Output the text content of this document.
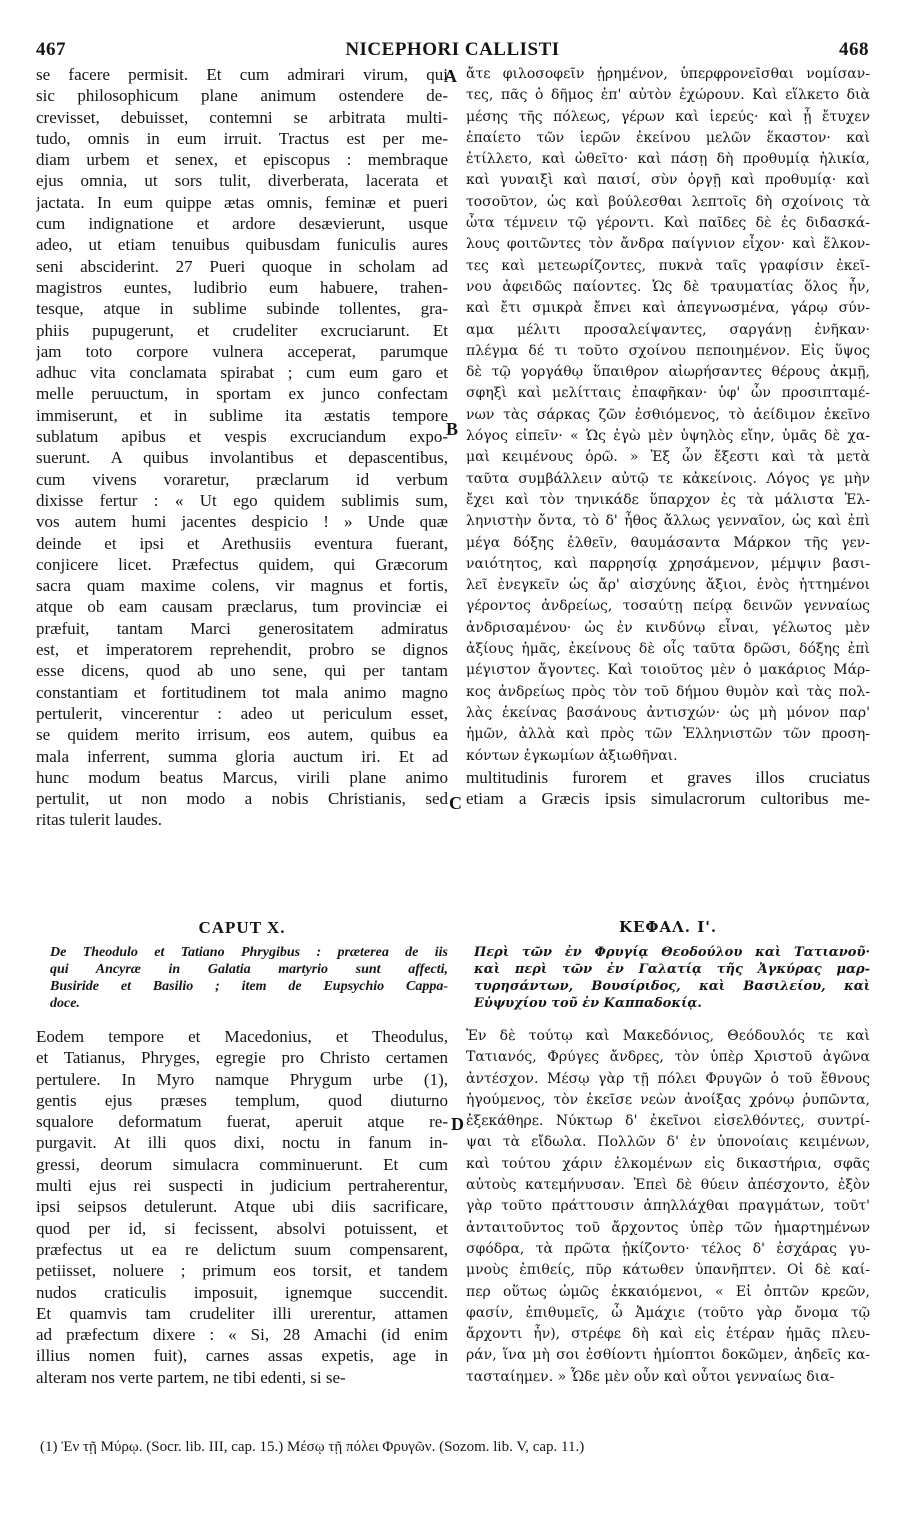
467	NICEPHORI CALLISTI	468
A
B
C
D
se facere permisit. Et cum admirari virum, qui
sic philosophicum plane animum ostendere de-
crevisset, debuisset, contemni se arbitrata multi-
tudo, omnis in eum irruit. Tractus est per me-
diam urbem et senex, et episcopus : membraque
ejus omnia, ut sors tulit, diverberata, lacerata et
jactata. In eum quippe ætas omnis, feminæ et pueri
cum indignatione et ardore desævierunt, usque
adeo, ut etiam tenuibus quibusdam funiculis aures
seni absciderint. 27 Pueri quoque in scholam ad
magistros euntes, ludibrio eum habuere, trahen-
tesque, atque in sublime subinde tollentes, gra-
phiis pupugerunt, et crudeliter excruciarunt. Et
jam toto corpore vulnera acceperat, parumque
adhuc vita conclamata spirabat ; cum eum garo et
melle peruuctum, in sportam ex junco confectam
immiserunt, et in sublime ita æstatis tempore
sublatum apibus et vespis excruciandum expo-
suerunt. A quibus involantibus et depascentibus,
cum vivens voraretur, præclarum id verbum
dixisse fertur : « Ut ego quidem sublimis sum,
vos autem humi jacentes despicio ! » Unde quæ
deinde et ipsi et Arethusiis eventura fuerant,
conjicere licet. Præfectus quidem, qui Græcorum
sacra quam maxime colens, vir magnus et fortis,
atque ob eam causam præclarus, tum provinciæ ei
præfuit, tantam Marci generositatem admiratus
est, et imperatorem reprehendit, probro se dignos
esse dicens, quod ab uno sene, qui per tantam
constantiam et fortitudinem tot mala animo magno
pertulerit, vincerentur : adeo ut periculum esset,
se quidem merito irrisum, eos autem, quibus ea
mala inferrent, summa gloria auctum iri. Et ad
hunc modum beatus Marcus, virili plane animo
pertulit, ut non modo a nobis Christianis, sed
ritas tulerit laudes.
ἄτε φιλοσοφεῖν ᾑρημένον, ὑπερφρονεῖσθαι νομίσαν-
τες, πᾶς ὁ δῆμος ἐπ' αὐτὸν ἐχώρουν. Καὶ εἵλκετο διὰ
μέσης τῆς πόλεως, γέρων καὶ ἱερεύς· καὶ ᾗ ἔτυχεν
ἐπαίετο τῶν ἱερῶν ἐκείνου μελῶν ἕκαστον· καὶ
ἐτίλλετο, καὶ ὠθεῖτο· καὶ πάσῃ δὴ προθυμίᾳ ἡλικία,
καὶ γυναιξὶ καὶ παισί, σὺν ὀργῇ καὶ προθυμίᾳ· καὶ
τοσοῦτον, ὡς καὶ βούλεσθαι λεπτοῖς δὴ σχοίνοις τὰ
ὦτα τέμνειν τῷ γέροντι. Καὶ παῖδες δὲ ἐς διδασκά-
λους φοιτῶντες τὸν ἄνδρα παίγνιον εἶχον· καὶ ἕλκον-
τες καὶ μετεωρίζοντες, πυκνὰ ταῖς γραφίσιν ἐκεῖ-
νου ἀφειδῶς παίοντες. Ὡς δὲ τραυματίας ὅλος ἦν,
καὶ ἔτι σμικρὰ ἔπνει καὶ ἀπεγνωσμένα, γάρῳ σύν-
αμα μέλιτι προσαλείψαντες, σαργάνῃ ἐνῆκαν·
πλέγμα δέ τι τοῦτο σχοίνου πεποιημένον. Εἰς ὕψος
δὲ τῷ γοργάθῳ ὕπαιθρον αἰωρήσαντες θέρους ἀκμῇ,
σφηξὶ καὶ μελίτταις ἐπαφῆκαν· ὑφ' ὧν προσιπταμέ-
νων τὰς σάρκας ζῶν ἐσθιόμενος, τὸ ἀείδιμον ἐκεῖνο
λόγος εἰπεῖν· « Ὡς ἐγὼ μὲν ὑψηλὸς εἴην, ὑμᾶς δὲ χα-
μαὶ κειμένους ὁρῶ. » Ἐξ ὧν ἔξεστι καὶ τὰ μετὰ
ταῦτα συμβάλλειν αὐτῷ τε κἀκείνοις. Λόγος γε μὴν
ἔχει καὶ τὸν τηνικάδε ὕπαρχον ἐς τὰ μάλιστα Ἑλ-
ληνιστὴν ὄντα, τὸ δ' ἦθος ἄλλως γενναῖον, ὡς καὶ ἐπὶ
μέγα δόξης ἐλθεῖν, θαυμάσαντα Μάρκον τῆς γεν-
ναιότητος, καὶ παρρησίᾳ χρησάμενον, μέμψιν βασι-
λεῖ ἐνεγκεῖν ὡς ἄρ' αἰσχύνης ἄξιοι, ἑνὸς ἡττημένοι
γέροντος ἀνδρείως, τοσαύτῃ πείρᾳ δεινῶν γενναίως
ἀνδρισαμένου· ὡς ἐν κινδύνῳ εἶναι, γέλωτος μὲν
ἀξίους ἡμᾶς, ἐκείνους δὲ οἷς ταῦτα δρῶσι, δόξης ἐπὶ
μέγιστον ἄγοντες. Καὶ τοιοῦτος μὲν ὁ μακάριος Μάρ-
κος ἀνδρείως πρὸς τὸν τοῦ δήμου θυμὸν καὶ τὰς πολ-
λὰς ἐκείνας βασάνους ἀντισχών· ὡς μὴ μόνον παρ'
ἡμῶν, ἀλλὰ καὶ πρὸς τῶν Ἑλληνιστῶν τῶν προση-
κόντων ἐγκωμίων ἀξιωθῆναι.
multitudinis furorem et graves illos cruciatus
etiam a Græcis ipsis simulacrorum cultoribus me-
CAPUT X.	ΚΕΦΑΛ. Ι'.
De Theodulo et Tatiano Phrygibus : præterea de iis
qui Ancyræ in Galatia martyrio sunt affecti,
Busiride et Basilio ; item de Eupsychio Cappa-
doce.
Περὶ τῶν ἐν Φρυγίᾳ Θεοδούλου καὶ Τατιανοῦ·
καὶ περὶ τῶν ἐν Γαλατίᾳ τῆς Ἀγκύρας μαρ-
τυρησάντων, Βουσίριδος, καὶ Βασιλείου, καὶ
Εὐψυχίου τοῦ ἐν Καππαδοκίᾳ.
Eodem tempore et Macedonius, et Theodulus,
et Tatianus, Phryges, egregie pro Christo certamen
pertulere. In Myro namque Phrygum urbe (1),
gentis ejus præses templum, quod diuturno
squalore deformatum fuerat, aperuit atque re-
purgavit. At illi quos dixi, noctu in fanum in-
gressi, deorum simulacra comminuerunt. Et cum
multi ejus rei suspecti in judicium pertraherentur,
ipsi seipsos detulerunt. Atque ubi diis sacrificare,
quod per id, si fecissent, absolvi potuissent, et
præfectus ut ea re delictum suum compensarent,
petiisset, noluere ; primum eos torsit, et tandem
nudos craticulis imposuit, ignemque succendit.
Et quamvis tam crudeliter illi urerentur, attamen
ad præfectum dixere : « Si, 28 Amachi (id enim
illius nomen fuit), carnes assas expetis, age in
alteram nos verte partem, ne tibi edenti, si se-
Ἐν δὲ τούτῳ καὶ Μακεδόνιος, Θεόδουλός τε καὶ
Τατιανός, Φρύγες ἄνδρες, τὸν ὑπὲρ Χριστοῦ ἀγῶνα
ἀντέσχον. Μέσῳ γὰρ τῇ πόλει Φρυγῶν ὁ τοῦ ἔθνους
ἡγούμενος, τὸν ἐκεῖσε νεὼν ἀνοίξας χρόνῳ ῥυπῶντα,
ἐξεκάθηρε. Νύκτωρ δ' ἐκεῖνοι εἰσελθόντες, συντρί-
ψαι τὰ εἴδωλα. Πολλῶν δ' ἐν ὑπονοίαις κειμένων,
καὶ τούτου χάριν ἑλκομένων εἰς δικαστήρια, σφᾶς
αὐτοὺς κατεμήνυσαν. Ἐπεὶ δὲ θύειν ἀπέσχοντο, ἐξὸν
γὰρ τοῦτο πράττουσιν ἀπηλλάχθαι πραγμάτων, τοῦτ'
ἀνταιτοῦντος τοῦ ἄρχοντος ὑπὲρ τῶν ἡμαρτημένων
σφόδρα, τὰ πρῶτα ᾐκίζοντο· τέλος δ' ἐσχάρας γυ-
μνοὺς ἐπιθείς, πῦρ κάτωθεν ὑπανῆπτεν. Οἱ δὲ καί-
περ οὕτως ὠμῶς ἐκκαιόμενοι, « Εἰ ὀπτῶν κρεῶν,
φασίν, ἐπιθυμεῖς, ὦ Ἀμάχιε (τοῦτο γὰρ ὄνομα τῷ
ἄρχοντι ἦν), στρέφε δὴ καὶ εἰς ἑτέραν ἡμᾶς πλευ-
ράν, ἵνα μὴ σοι ἐσθίοντι ἡμίοπτοι δοκῶμεν, ἀηδεῖς κα-
τασταίημεν. » Ὧδε μὲν οὖν καὶ οὗτοι γενναίως δια-
(1) Ἐν τῇ Μύρῳ. (Socr. lib. III, cap. 15.) Μέσῳ τῇ πόλει Φρυγῶν. (Sozom. lib. V, cap. 11.)
